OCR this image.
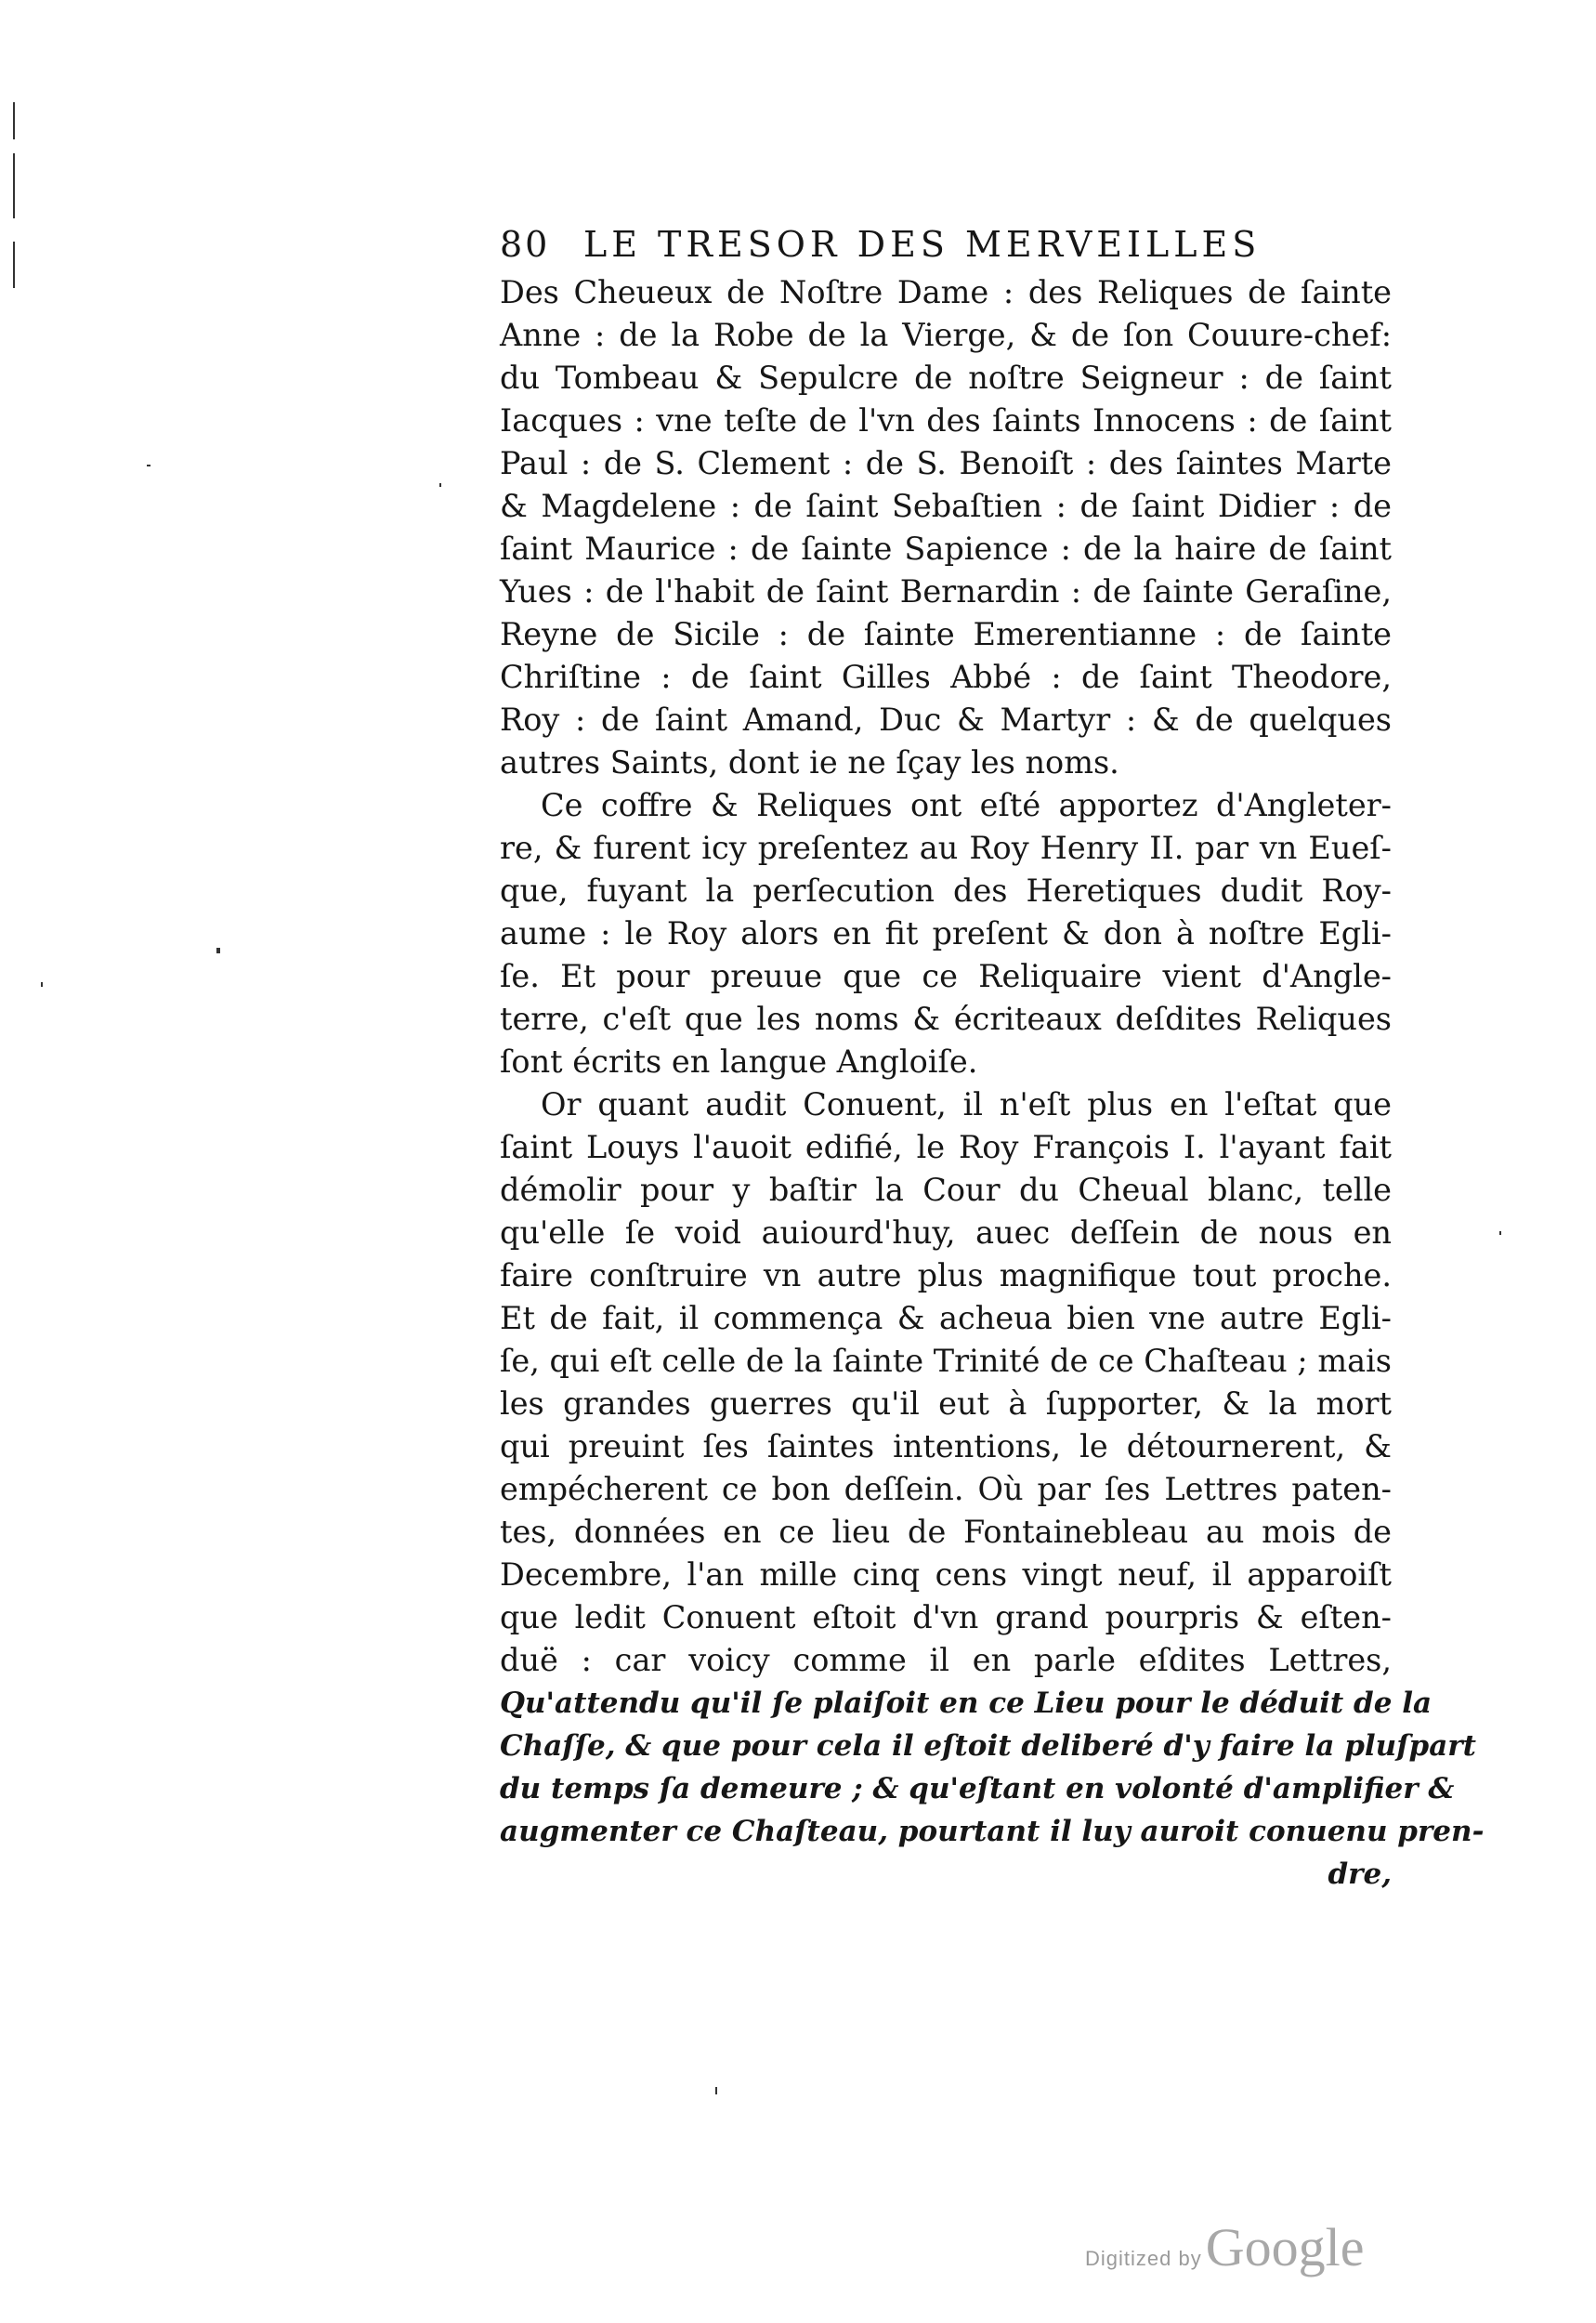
80 LE TRESOR DES MERVEILLES
Des Cheueux de Noſtre Dame : des Reliques de ſainte
Anne : de la Robe de la Vierge, & de ſon Couure-chef:
du Tombeau & Sepulcre de noſtre Seigneur : de ſaint
Iacques : vne teſte de l'vn des ſaints Innocens : de ſaint
Paul : de S. Clement : de S. Benoiſt : des ſaintes Marte
& Magdelene : de ſaint Sebaſtien : de ſaint Didier : de
ſaint Maurice : de ſainte Sapience : de la haire de ſaint
Yues : de l'habit de ſaint Bernardin : de ſainte Geraſine,
Reyne de Sicile : de ſainte Emerentianne : de ſainte
Chriſtine : de ſaint Gilles Abbé : de ſaint Theodore,
Roy : de ſaint Amand, Duc & Martyr : & de quelques
autres Saints, dont ie ne ſçay les noms.
Ce coffre & Reliques ont eſté apportez d'Angleter-
re, & furent icy preſentez au Roy Henry II. par vn Eueſ-
que, fuyant la perſecution des Heretiques dudit Roy-
aume : le Roy alors en fit preſent & don à noſtre Egli-
ſe. Et pour preuue que ce Reliquaire vient d'Angle-
terre, c'eſt que les noms & écriteaux deſdites Reliques
ſont écrits en langue Angloiſe.
Or quant audit Conuent, il n'eſt plus en l'eſtat que
ſaint Louys l'auoit edifié, le Roy François I. l'ayant fait
démolir pour y baſtir la Cour du Cheual blanc, telle
qu'elle ſe void auiourd'huy, auec deſſein de nous en
faire conſtruire vn autre plus magnifique tout proche.
Et de fait, il commença & acheua bien vne autre Egli-
ſe, qui eſt celle de la ſainte Trinité de ce Chaſteau ; mais
les grandes guerres qu'il eut à ſupporter, & la mort
qui preuint ſes ſaintes intentions, le détournerent, &
empécherent ce bon deſſein. Où par ſes Lettres paten-
tes, données en ce lieu de Fontainebleau au mois de
Decembre, l'an mille cinq cens vingt neuf, il apparoiſt
que ledit Conuent eſtoit d'vn grand pourpris & eſten-
duë : car voicy comme il en parle eſdites Lettres,
Qu'attendu qu'il ſe plaiſoit en ce Lieu pour le déduit de la
Chaſſe, & que pour cela il eſtoit deliberé d'y faire la pluſpart
du temps ſa demeure ; & qu'eſtant en volonté d'amplifier &
augmenter ce Chaſteau, pourtant il luy auroit conuenu pren-
dre,
Digitized byGoogle
